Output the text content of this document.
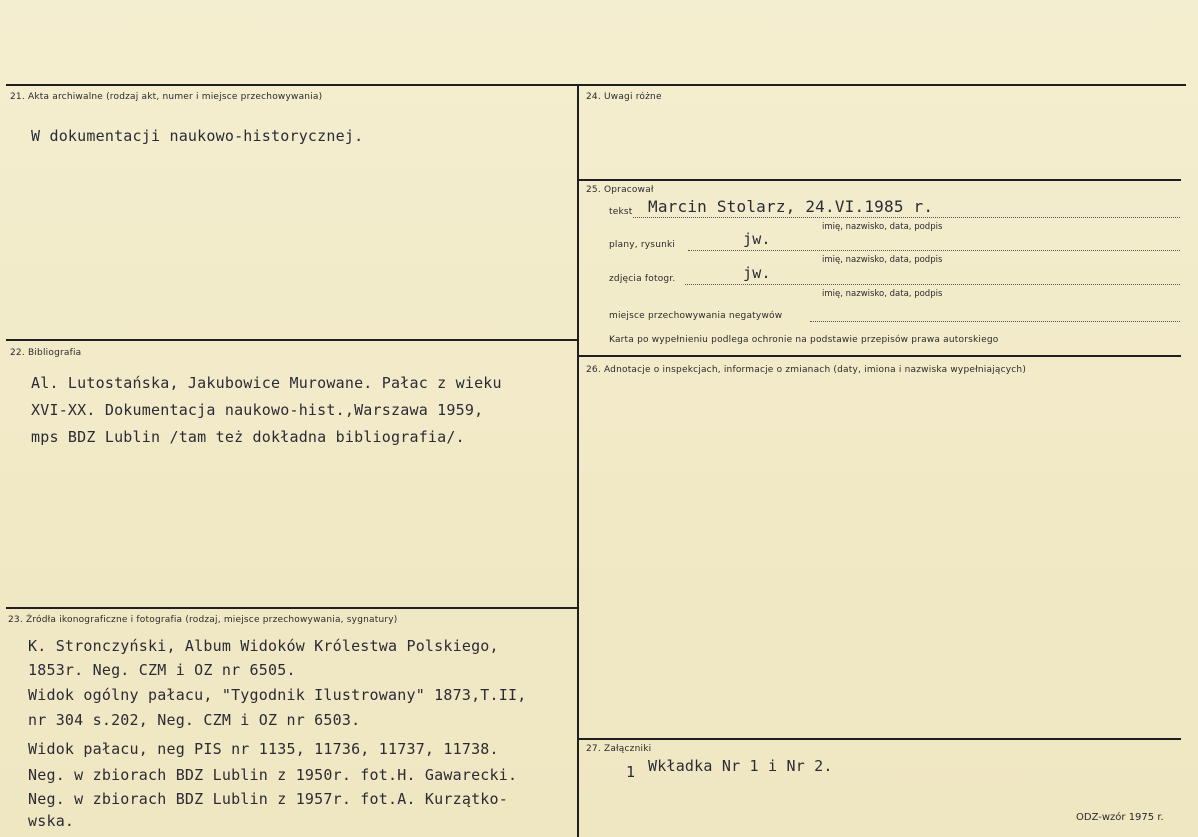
21. Akta archiwalne (rodzaj akt, numer i miejsce przechowywania)
W dokumentacji naukowo-historycznej.
22. Bibliografia
Al. Lutostańska, Jakubowice Murowane. Pałac z wieku
XVI-XX. Dokumentacja naukowo-hist.,Warszawa 1959,
mps BDZ Lublin /tam też dokładna bibliografia/.
23. Źródła ikonograficzne i fotografia (rodzaj, miejsce przechowywania, sygnatury)
K. Stronczyński, Album Widoków Królestwa Polskiego,
1853r. Neg. CZM i OZ nr 6505.
Widok ogólny pałacu, "Tygodnik Ilustrowany" 1873,T.II,
nr 304 s.202, Neg. CZM i OZ nr 6503.
Widok pałacu, neg PIS nr 1135, 11736, 11737, 11738.
Neg. w zbiorach BDZ Lublin z 1950r. fot.H. Gawarecki.
Neg. w zbiorach BDZ Lublin z 1957r. fot.A. Kurzątko-
wska.
24. Uwagi różne
25. Opracował
tekst Marcin Stolarz, 24.VI.1985 r.
imię, nazwisko, data, podpis
plany, rysunki	jw.
imię, nazwisko, data, podpis
zdjęcia fotogr.	jw.
imię, nazwisko, data, podpis
miejsce przechowywania negatywów
Karta po wypełnieniu podlega ochronie na podstawie przepisów prawa autorskiego
26. Adnotacje o inspekcjach, informacje o zmianach (daty, imiona i nazwiska wypełniających)
27. Załączniki
1 Wkładka Nr 1 i Nr 2.
ODZ-wzór 1975 r.
